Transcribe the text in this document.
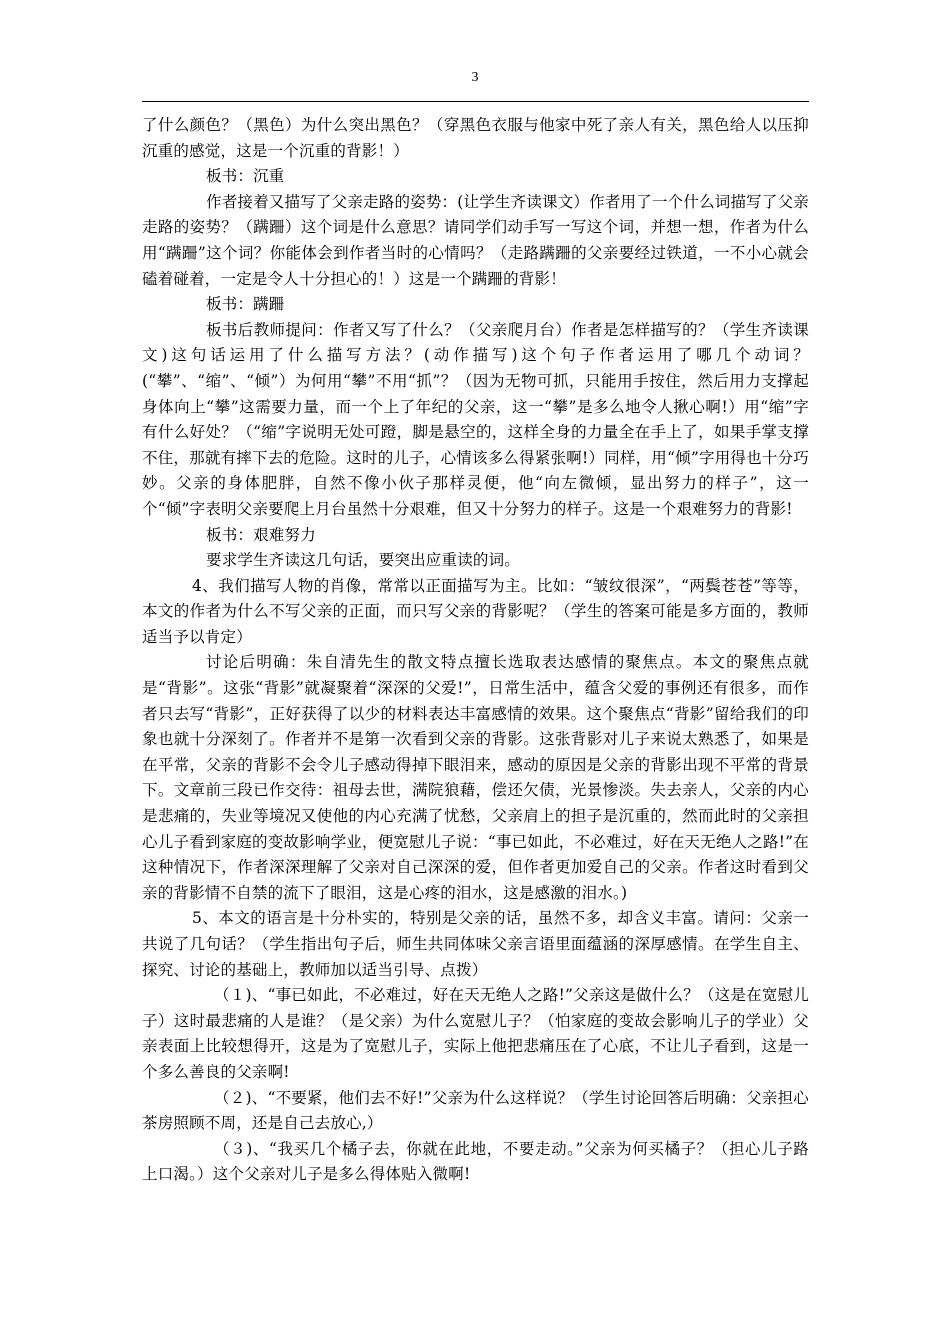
3

了什么颜色？（黑色）为什么突出黑色？（穿黑色衣服与他家中死了亲人有关，黑色给人以压抑沉重的感觉，这是一个沉重的背影！）

板书：沉重

作者接着又描写了父亲走路的姿势：(让学生齐读课文）作者用了一个什么词描写了父亲走路的姿势？（蹒跚）这个词是什么意思？请同学们动手写一写这个词，并想一想，作者为什么用“蹒跚”这个词？你能体会到作者当时的心情吗？（走路蹒跚的父亲要经过铁道，一不小心就会磕着碰着，一定是令人十分担心的！）这是一个蹒跚的背影！

板书：蹒跚

板书后教师提问：作者又写了什么？（父亲爬月台）作者是怎样描写的？（学生齐读课文)这句话运用了什么描写方法？(动作描写)这个句子作者运用了哪几个动词？(“攀”、“缩”、“倾”）为何用“攀”不用“抓”？（因为无物可抓，只能用手按住，然后用力支撑起身体向上“攀”这需要力量，而一个上了年纪的父亲，这一“攀”是多么地令人揪心啊!）用“缩”字有什么好处？（“缩”字说明无处可蹬，脚是悬空的，这样全身的力量全在手上了，如果手掌支撑不住，那就有摔下去的危险。这时的儿子，心情该多么得紧张啊!）同样，用“倾”字用得也十分巧妙。父亲的身体肥胖，自然不像小伙子那样灵便，他“向左微倾，显出努力的样子”，这一个“倾”字表明父亲要爬上月台虽然十分艰难，但又十分努力的样子。这是一个艰难努力的背影!

板书：艰难努力

要求学生齐读这几句话，要突出应重读的词。

4、我们描写人物的肖像，常常以正面描写为主。比如：“皱纹很深”，“两鬓苍苍”等等，本文的作者为什么不写父亲的正面，而只写父亲的背影呢？（学生的答案可能是多方面的，教师适当予以肯定）

讨论后明确：朱自清先生的散文特点擅长选取表达感情的聚焦点。本文的聚焦点就是“背影”。这张“背影”就凝聚着“深深的父爱!”，日常生活中，蕴含父爱的事例还有很多，而作者只去写“背影”，正好获得了以少的材料表达丰富感情的效果。这个聚焦点“背影”留给我们的印象也就十分深刻了。作者并不是第一次看到父亲的背影。这张背影对儿子来说太熟悉了，如果是在平常，父亲的背影不会令儿子感动得掉下眼泪来，感动的原因是父亲的背影出现不平常的背景下。文章前三段已作交待：祖母去世，满院狼藉，偿还欠债，光景惨淡。失去亲人，父亲的内心是悲痛的，失业等境况又使他的内心充满了忧愁，父亲肩上的担子是沉重的，然而此时的父亲担心儿子看到家庭的变故影响学业，便宽慰儿子说：“事已如此，不必难过，好在天无绝人之路!”在这种情况下，作者深深理解了父亲对自己深深的爱，但作者更加爱自己的父亲。作者这时看到父亲的背影情不自禁的流下了眼泪，这是心疼的泪水，这是感激的泪水。)

5、本文的语言是十分朴实的，特别是父亲的话，虽然不多，却含义丰富。请问：父亲一共说了几句话？（学生指出句子后，师生共同体味父亲言语里面蕴涵的深厚感情。在学生自主、探究、讨论的基础上，教师加以适当引导、点拨）

（１)、“事已如此，不必难过，好在天无绝人之路!”父亲这是做什么？（这是在宽慰儿子）这时最悲痛的人是谁？（是父亲）为什么宽慰儿子？（怕家庭的变故会影响儿子的学业）父亲表面上比较想得开，这是为了宽慰儿子，实际上他把悲痛压在了心底，不让儿子看到，这是一个多么善良的父亲啊!

（２)、“不要紧，他们去不好!”父亲为什么这样说？（学生讨论回答后明确：父亲担心茶房照顾不周，还是自己去放心,）

（３)、“我买几个橘子去，你就在此地，不要走动。”父亲为何买橘子？（担心儿子路上口渴。）这个父亲对儿子是多么得体贴入微啊!
